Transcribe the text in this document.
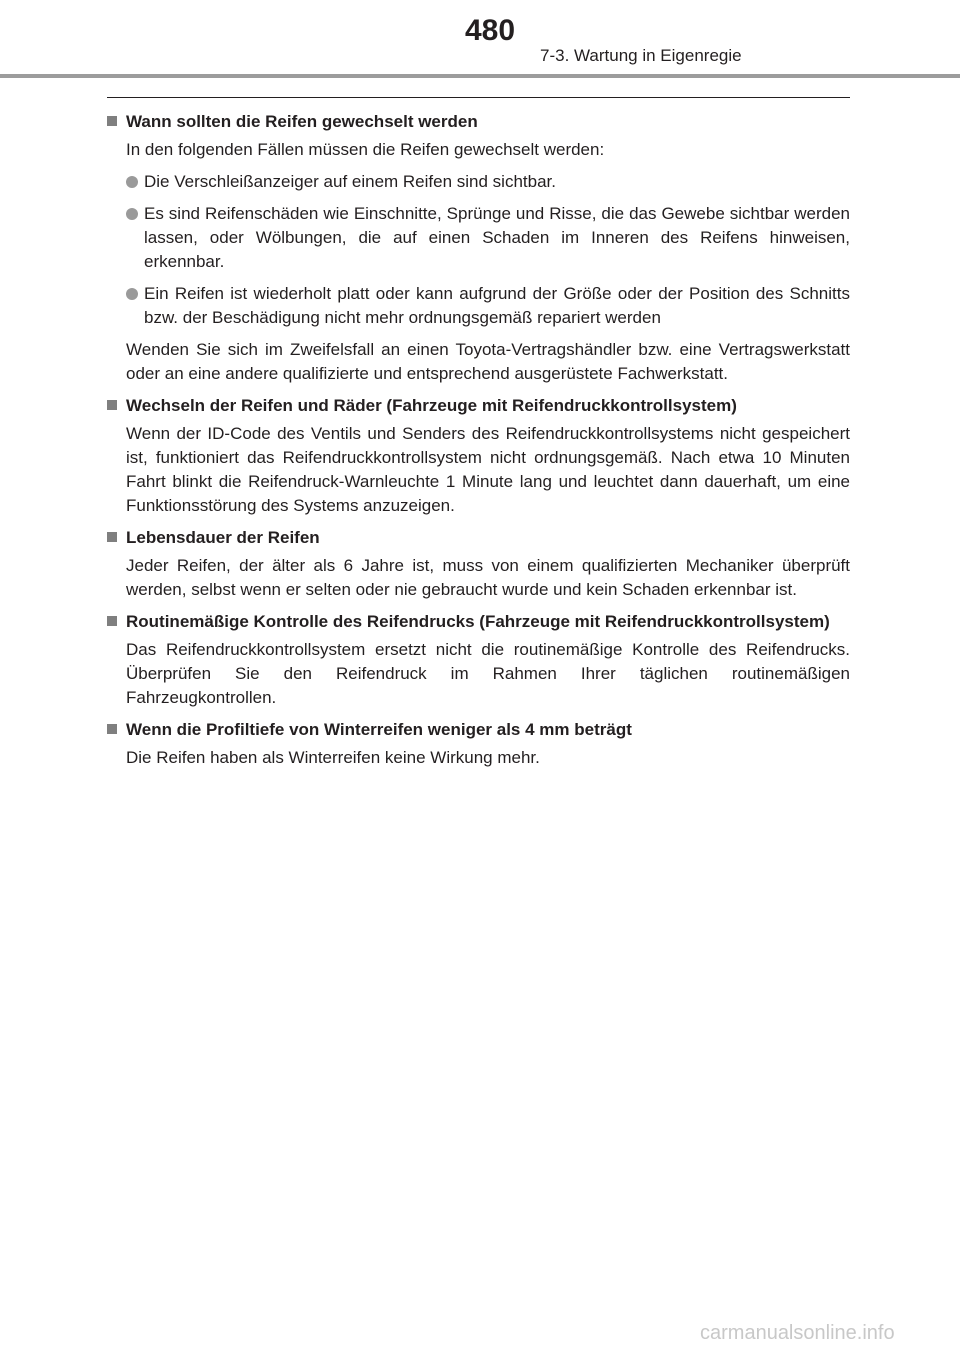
480
7-3. Wartung in Eigenregie
Wann sollten die Reifen gewechselt werden
In den folgenden Fällen müssen die Reifen gewechselt werden:
Die Verschleißanzeiger auf einem Reifen sind sichtbar.
Es sind Reifenschäden wie Einschnitte, Sprünge und Risse, die das Gewebe sichtbar werden lassen, oder Wölbungen, die auf einen Schaden im Inneren des Reifens hinweisen, erkennbar.
Ein Reifen ist wiederholt platt oder kann aufgrund der Größe oder der Position des Schnitts bzw. der Beschädigung nicht mehr ordnungsgemäß repariert werden
Wenden Sie sich im Zweifelsfall an einen Toyota-Vertragshändler bzw. eine Vertragswerkstatt oder an eine andere qualifizierte und entsprechend ausgerüstete Fachwerkstatt.
Wechseln der Reifen und Räder (Fahrzeuge mit Reifendruckkontrollsystem)
Wenn der ID-Code des Ventils und Senders des Reifendruckkontrollsystems nicht gespeichert ist, funktioniert das Reifendruckkontrollsystem nicht ordnungsgemäß. Nach etwa 10 Minuten Fahrt blinkt die Reifendruck-Warnleuchte 1 Minute lang und leuchtet dann dauerhaft, um eine Funktionsstörung des Systems anzuzeigen.
Lebensdauer der Reifen
Jeder Reifen, der älter als 6 Jahre ist, muss von einem qualifizierten Mechaniker überprüft werden, selbst wenn er selten oder nie gebraucht wurde und kein Schaden erkennbar ist.
Routinemäßige Kontrolle des Reifendrucks (Fahrzeuge mit Reifendruckkontrollsystem)
Das Reifendruckkontrollsystem ersetzt nicht die routinemäßige Kontrolle des Reifendrucks. Überprüfen Sie den Reifendruck im Rahmen Ihrer täglichen routinemäßigen Fahrzeugkontrollen.
Wenn die Profiltiefe von Winterreifen weniger als 4 mm beträgt
Die Reifen haben als Winterreifen keine Wirkung mehr.
carmanualsonline.info
